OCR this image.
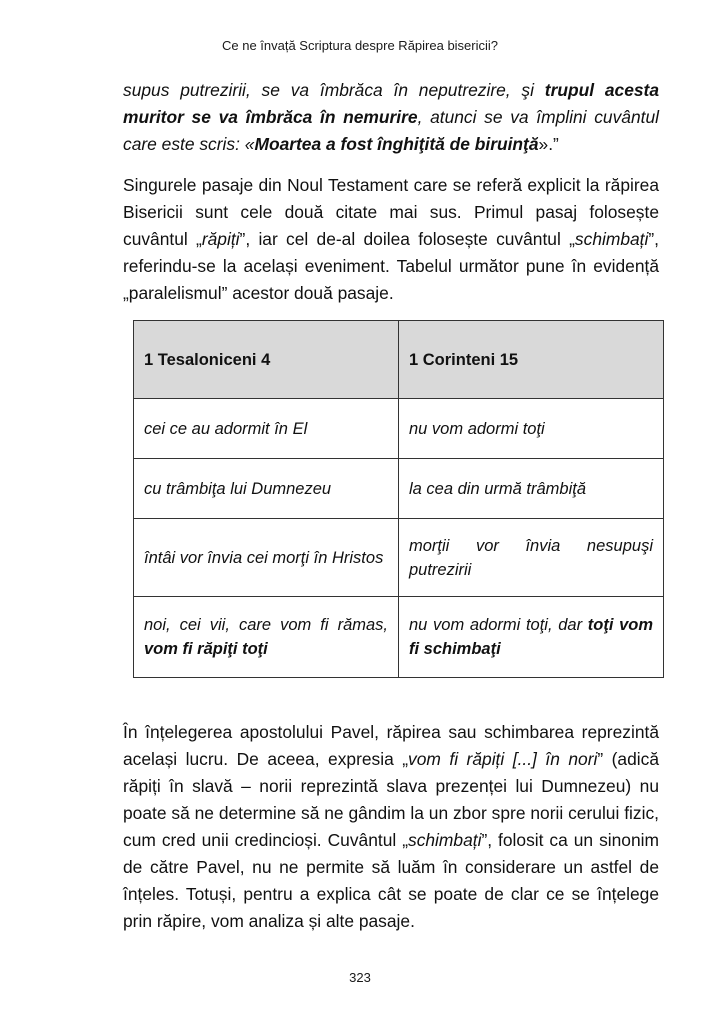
Ce ne învață Scriptura despre Răpirea bisericii?

supus putrezirii, se va îmbrăca în neputrezire, şi trupul acesta muritor se va îmbrăca în nemurire, atunci se va împlini cuvântul care este scris: «Moartea a fost înghiţită de biruinţă».”

Singurele pasaje din Noul Testament care se referă explicit la răpirea Bisericii sunt cele două citate mai sus. Primul pasaj folosește cuvântul „răpiți”, iar cel de-al doilea folosește cuvântul „schimbați”, referindu-se la același eveniment. Tabelul următor pune în evidență „paralelismul” acestor două pasaje.

1 Tesaloniceni 4	1 Corinteni 15
cei ce au adormit în El	nu vom adormi toţi
cu trâmbiţa lui Dumnezeu	la cea din urmă trâmbiţă
întâi vor învia cei morţi în Hristos	morţii vor învia nesupuşi putrezirii
noi, cei vii, care vom fi rămas, vom fi răpiţi toţi	nu vom adormi toţi, dar toţi vom fi schimbaţi

În înțelegerea apostolului Pavel, răpirea sau schimbarea reprezintă același lucru. De aceea, expresia „vom fi răpiți [...] în nori” (adică răpiți în slavă – norii reprezintă slava prezenței lui Dumnezeu) nu poate să ne determine să ne gândim la un zbor spre norii cerului fizic, cum cred unii credincioși. Cuvântul „schimbați”, folosit ca un sinonim de către Pavel, nu ne permite să luăm în considerare un astfel de înțeles. Totuși, pentru a explica cât se poate de clar ce se înțelege prin răpire, vom analiza și alte pasaje.

323
